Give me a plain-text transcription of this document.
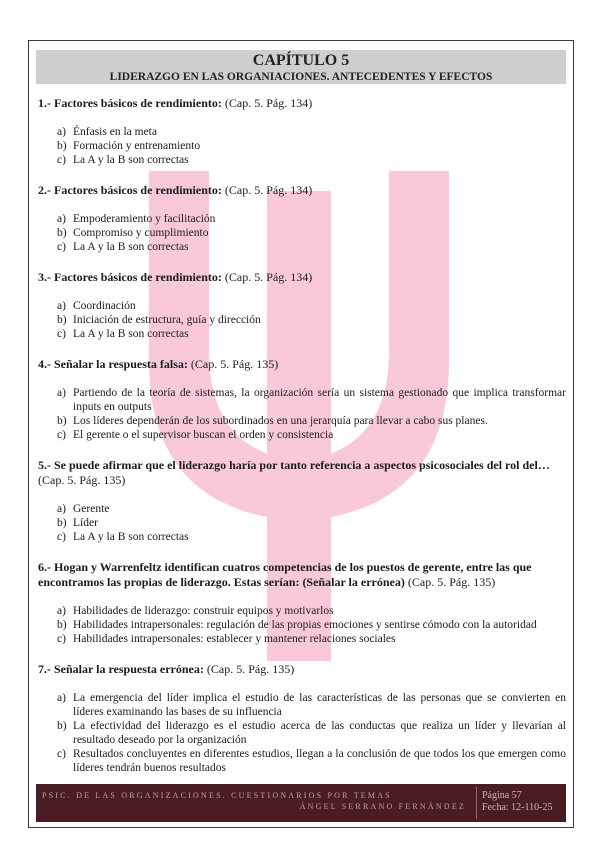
CAPÍTULO 5
LIDERAZGO EN LAS ORGANIACIONES. ANTECEDENTES Y EFECTOS

1.- Factores básicos de rendimiento: (Cap. 5. Pág. 134)

a) Énfasis en la meta
b) Formación y entrenamiento
c) La A y la B son correctas

2.- Factores básicos de rendimiento: (Cap. 5. Pág. 134)

a) Empoderamiento y facilitación
b) Compromiso y cumplimiento
c) La A y la B son correctas

3.- Factores básicos de rendimiento: (Cap. 5. Pág. 134)

a) Coordinación
b) Iniciación de estructura, guía y dirección
c) La A y la B son correctas

4.- Señalar la respuesta falsa: (Cap. 5. Pág. 135)

a) Partiendo de la teoría de sistemas, la organización sería un sistema gestionado que implica transformar inputs en outputs
b) Los líderes dependerán de los subordinados en una jerarquía para llevar a cabo sus planes.
c) El gerente o el supervisor buscan el orden y consistencia

5.- Se puede afirmar que el liderazgo haría por tanto referencia a aspectos psicosociales del rol del… (Cap. 5. Pág. 135)

a) Gerente
b) Líder
c) La A y la B son correctas

6.- Hogan y Warrenfeltz identifican cuatros competencias de los puestos de gerente, entre las que encontramos las propias de liderazgo. Estas serían: (Señalar la errónea) (Cap. 5. Pág. 135)

a) Habilidades de liderazgo: construir equipos y motivarlos
b) Habilidades intrapersonales: regulación de las propias emociones y sentirse cómodo con la autoridad
c) Habilidades intrapersonales: establecer y mantener relaciones sociales

7.- Señalar la respuesta errónea: (Cap. 5. Pág. 135)

a) La emergencia del líder implica el estudio de las características de las personas que se convierten en líderes examinando las bases de su influencia
b) La efectividad del liderazgo es el estudio acerca de las conductas que realiza un líder y llevarían al resultado deseado por la organización
c) Resultados concluyentes en diferentes estudios, llegan a la conclusión de que todos los que emergen como líderes tendrán buenos resultados
PSIC. DE LAS ORGANIZACIONES. CUESTIONARIOS POR TEMAS
ÁNGEL SERRANO FERNÁNDEZ
Página 57
Fecha: 12-110-25
